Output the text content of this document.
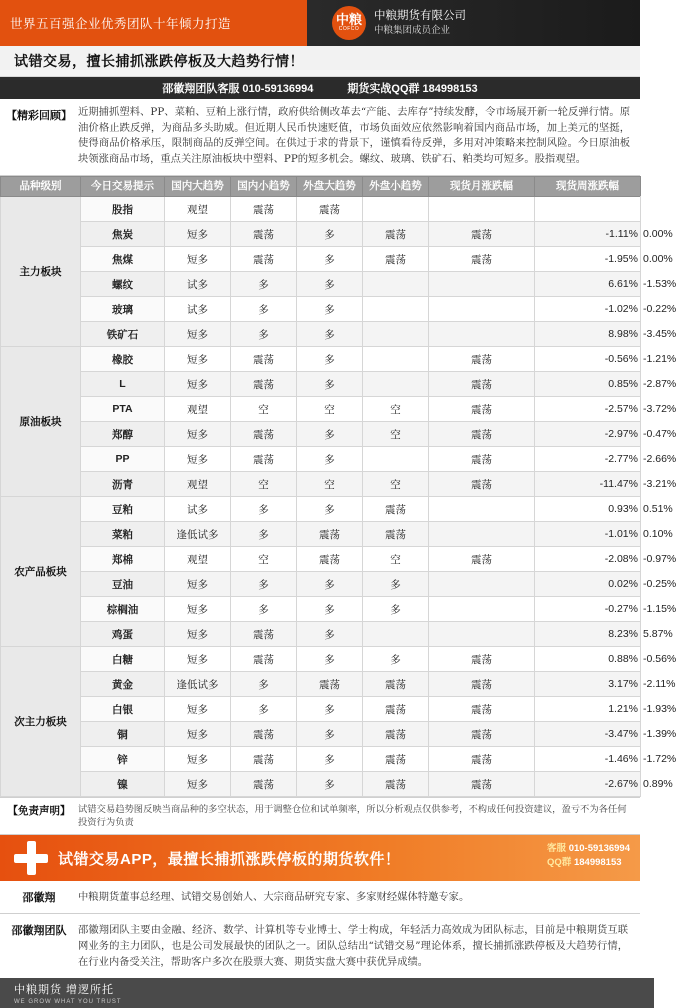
世界五百强企业优秀团队十年倾力打造	中粮
COFCO
中粮期货有限公司
中粮集团成员企业
试错交易，擅长捕抓涨跌停板及大趋势行情！
邵徽翔团队客服 010-59136994	期货实战QQ群 184998153
【精彩回顾】 近期捕抓塑料、PP、菜粕、豆粕上涨行情，政府供给侧改革去“产能、去库存”持续发酵，令市场展开新一轮反弹行情。原油价格止跌反弹，为商品多头助威。但近期人民币快速贬值，市场负面效应依然影响着国内商品市场，加上美元的坚挺，使得商品价格承压，限制商品的反弹空间。在供过于求的背景下，谨慎看待反弹，多用对冲策略来控制风险。今日原油板块领涨商品市场，重点关注原油板块中塑料、PP的短多机会。螺纹、玻璃、铁矿石、粕类均可短多。股指观望。
品种级别	今日交易提示	国内大趋势	国内小趋势	外盘大趋势	外盘小趋势	现货月涨跌幅	现货周涨跌幅	
主力板块	股指	观望	震荡	震荡				
	焦炭	短多	震荡	多	震荡	震荡	-1.11%	0.00%
	焦煤	短多	震荡	多	震荡	震荡	-1.95%	0.00%
	螺纹	试多	多	多			6.61%	-1.53%
	玻璃	试多	多	多			-1.02%	-0.22%
	铁矿石	短多	多	多			8.98%	-3.45%
原油板块	橡胶	短多	震荡	多		震荡	-0.56%	-1.21%
	L	短多	震荡	多		震荡	0.85%	-2.87%
	PTA	观望	空	空	空	震荡	-2.57%	-3.72%
	郑醇	短多	震荡	多	空	震荡	-2.97%	-0.47%
	PP	短多	震荡	多		震荡	-2.77%	-2.66%
	沥青	观望	空	空	空	震荡	-11.47%	-3.21%
农产品板块	豆粕	试多	多	多	震荡		0.93%	0.51%
	菜粕	逢低试多	多	震荡	震荡		-1.01%	0.10%
	郑棉	观望	空	震荡	空	震荡	-2.08%	-0.97%
	豆油	短多	多	多	多		0.02%	-0.25%
	棕榈油	短多	多	多	多		-0.27%	-1.15%
	鸡蛋	短多	震荡	多			8.23%	5.87%
次主力板块	白糖	短多	震荡	多	多	震荡	0.88%	-0.56%
	黄金	逢低试多	多	震荡	震荡	震荡	3.17%	-2.11%
	白银	短多	多	多	震荡	震荡	1.21%	-1.93%
	铜	短多	震荡	多	震荡	震荡	-3.47%	-1.39%
	锌	短多	震荡	多	震荡	震荡	-1.46%	-1.72%
	镍	短多	震荡	多	震荡	震荡	-2.67%	0.89%
【免责声明】 试错交易趋势图反映当商品种的多空状态，用于调整仓位和试单频率，所以分析观点仅供参考，不构成任何投资建议，盈亏不为各任何投资行为负责
试错交易APP，最擅长捕抓涨跌停板的期货软件！
客服 010-59136994
QQ群 184998153
邵徽翔	中粮期货董事总经理、试错交易创始人、大宗商品研究专家、多家财经媒体特邀专家。
邵徽翔团队	邵徽翔团队主要由金融、经济、数学、计算机等专业博士、学士构成，年轻活力高效成为团队标志，目前是中粮期货互联网业务的主力团队，也是公司发展最快的团队之一。团队总结出“试错交易”理论体系，擅长捕抓涨跌停板及大趋势行情，在行业内备受关注，帮助客户多次在股票大赛、期货实盘大赛中获优异成绩。
中粮期货 增逻所托
WE GROW WHAT YOU TRUST
